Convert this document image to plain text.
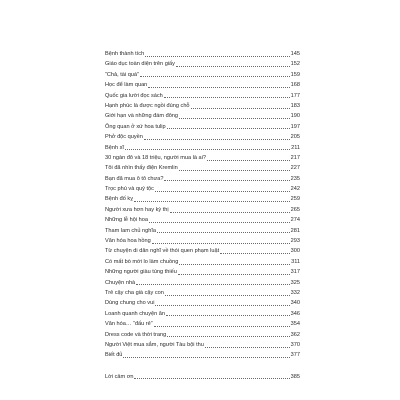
Bệnh thành tích	145
Giáo dục toàn diện trên giấy	152
“Chả, tài quá”	159
Học để làm quan	168
Quốc gia lười đọc sách	177
Hạnh phúc là được ngồi đúng chỗ	183
Giới hạn và những đám đông	190
Ông quan ở xứ hoa tulip	197
Phở độc quyền	205
Bệnh sĩ	211
30 ngàn đô và 18 triệu, người mua là ai?	217
Tôi đã nhìn thấy điện Kremlin	227
Bạn đã mua ô tô chưa?	235
Trọc phú và quý tộc	242
Bệnh đố kỵ	259
Người xưa hơn hay kỳ thị	265
Những lễ hội hoa	274
Tham lam chủ nghĩa	281
Văn hóa hoa hồng	293
Từ chuyện di dân nghĩ về thói quen phạm luật	300
Có mất bò mới lo làm chuồng	311
Những người giàu túng thiếu	317
Chuyện nhà	325
Trẻ cậy cha già cậy con	332
Dùng chung cho vui	340
Loanh quanh chuyện ăn	346
Văn hóa… “đấu rẻ”	354
Dress code và thời trang	362
Người Việt mua sắm, người Tàu bội thu	370
Biết đủ	377
Lời cảm ơn	385
